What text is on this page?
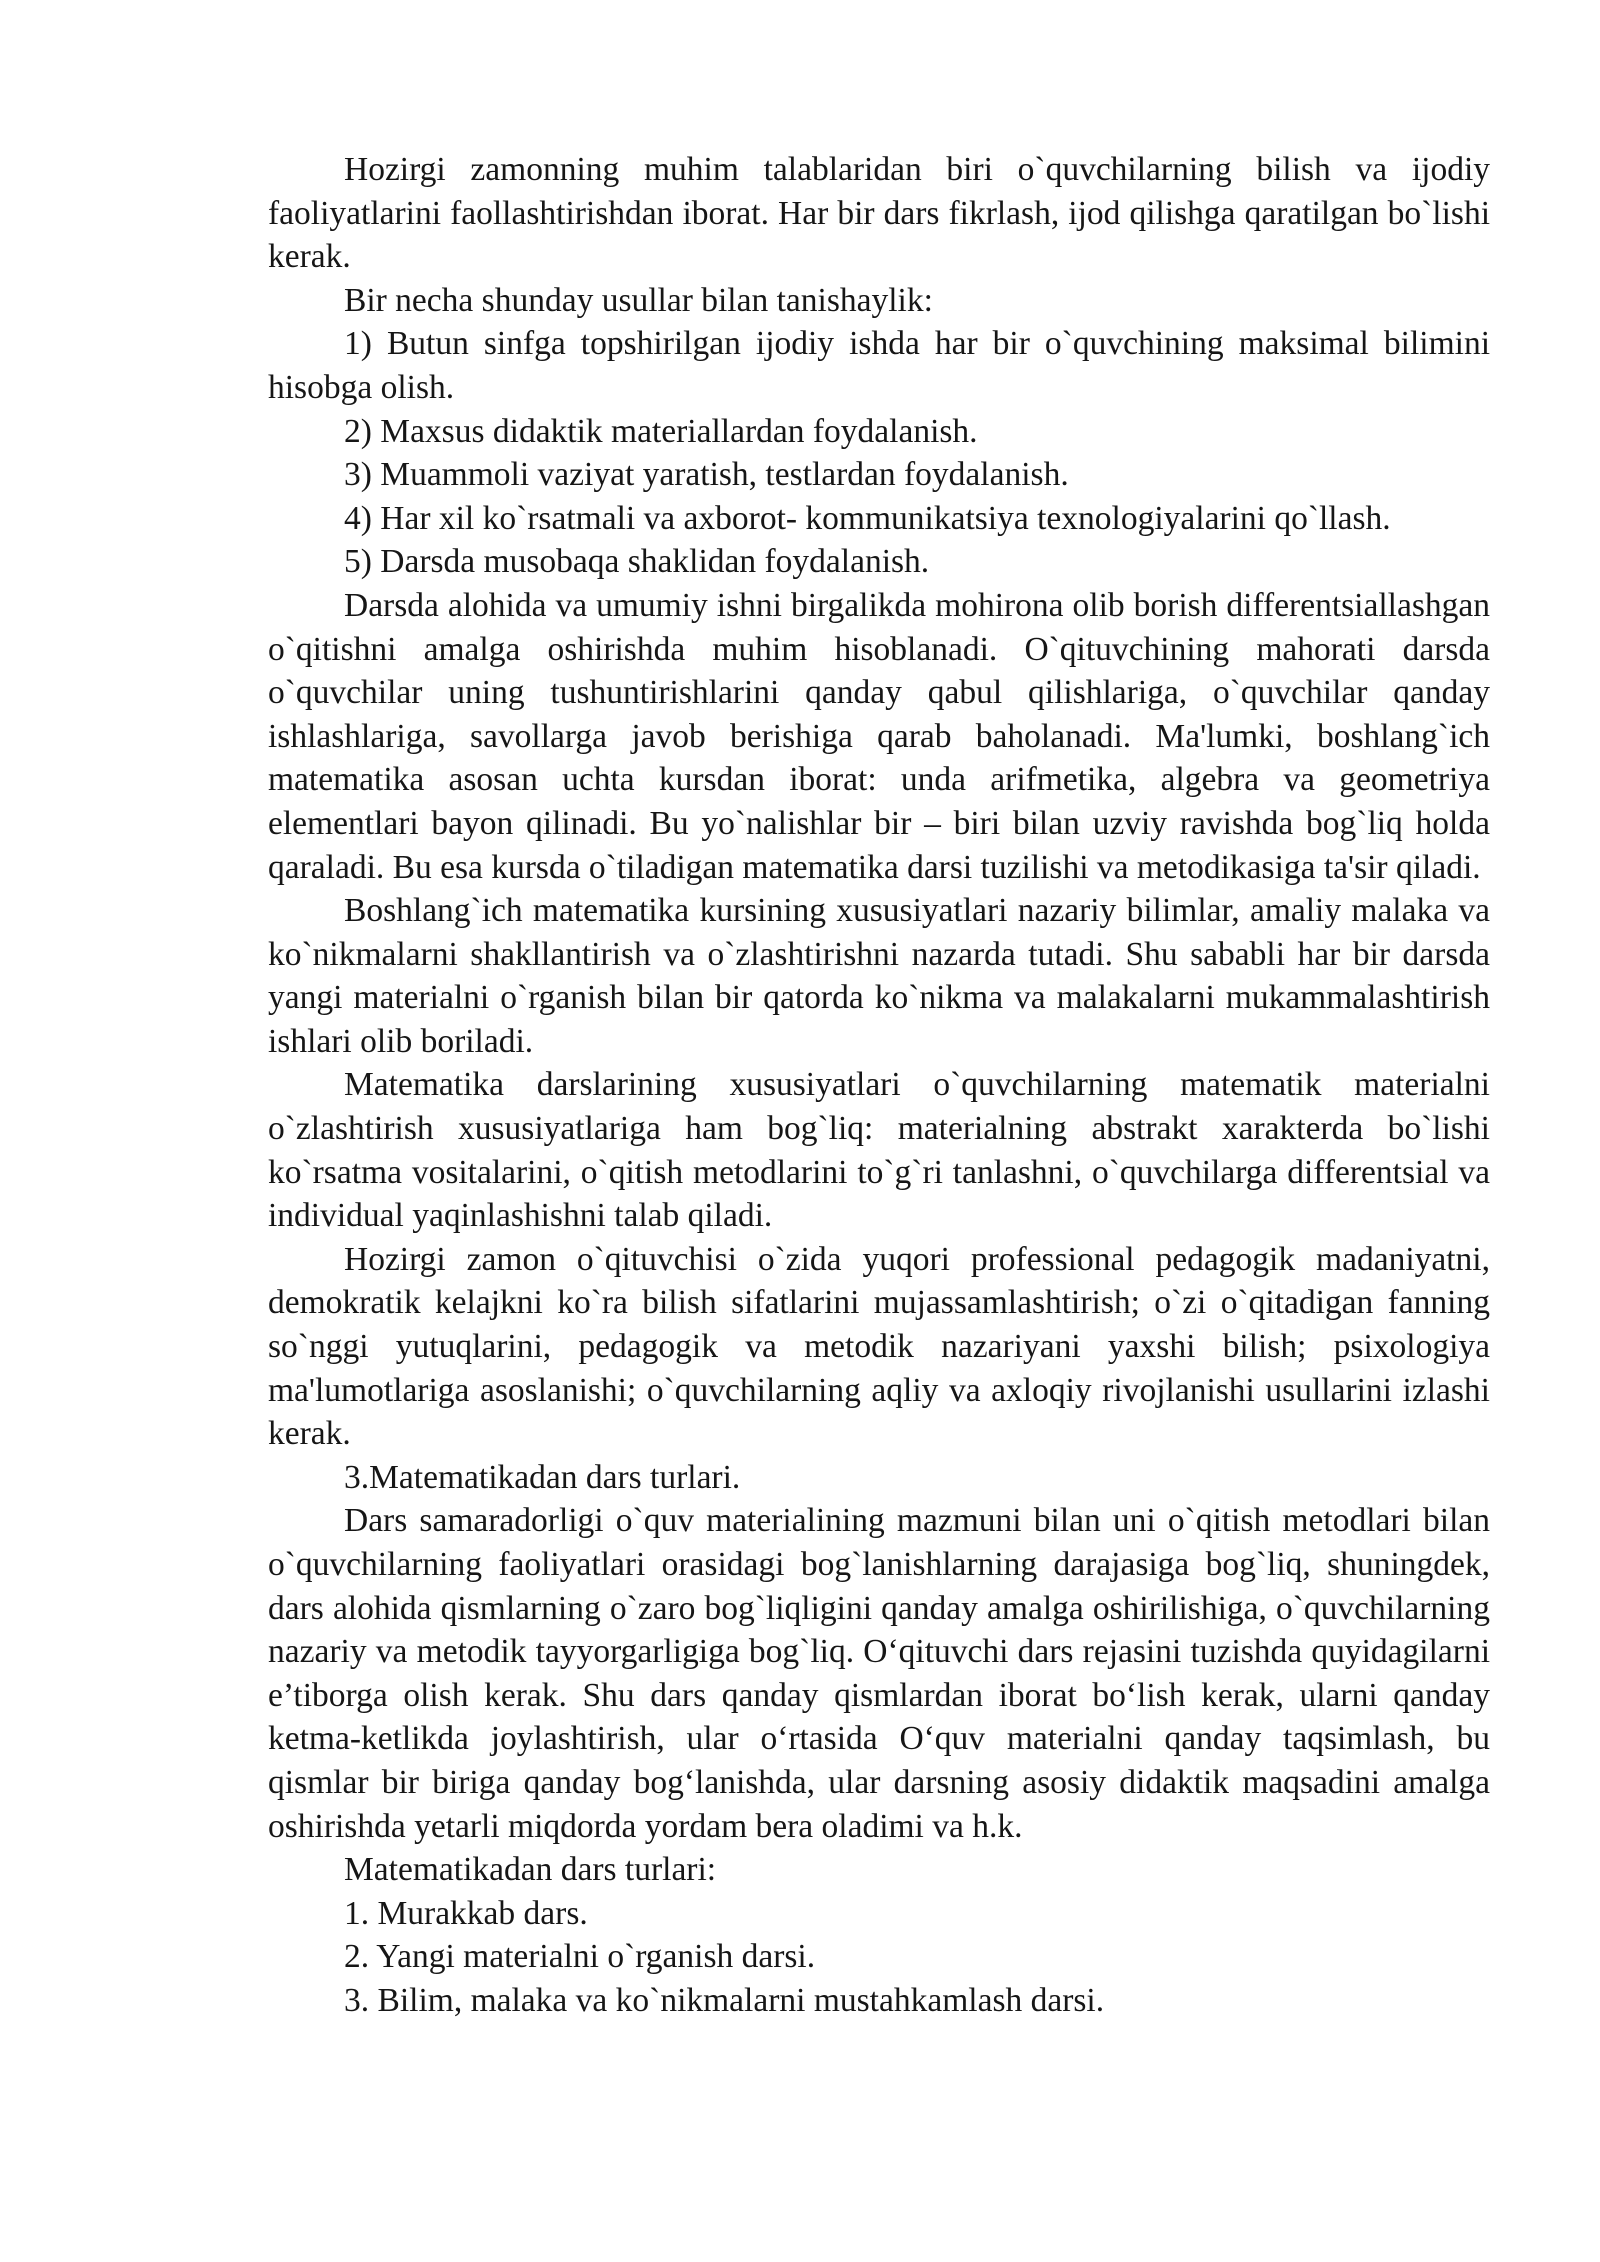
Hozirgi zamonning muhim talablaridan biri o`quvchilarning bilish va ijodiy faoliyatlarini faollashtirishdan iborat. Har bir dars fikrlash, ijod qilishga qaratilgan bo`lishi kerak.

Bir necha shunday usullar bilan tanishaylik:

1) Butun sinfga topshirilgan ijodiy ishda har bir o`quvchining maksimal bilimini hisobga olish.

2) Maxsus didaktik materiallardan foydalanish.

3) Muammoli vaziyat yaratish, testlardan foydalanish.

4) Har xil ko`rsatmali va axborot- kommunikatsiya texnologiyalarini qo`llash.

5) Darsda musobaqa shaklidan foydalanish.

Darsda alohida va umumiy ishni birgalikda mohirona olib borish differentsiallashgan o`qitishni amalga oshirishda muhim hisoblanadi. O`qituvchining mahorati darsda o`quvchilar uning tushuntirishlarini qanday qabul qilishlariga, o`quvchilar qanday ishlashlariga, savollarga javob berishiga qarab baholanadi. Ma'lumki, boshlang`ich matematika asosan uchta kursdan iborat: unda arifmetika, algebra va geometriya elementlari bayon qilinadi. Bu yo`nalishlar bir – biri bilan uzviy ravishda bog`liq holda qaraladi. Bu esa kursda o`tiladigan matematika darsi tuzilishi va metodikasiga ta'sir qiladi.

Boshlang`ich matematika kursining xususiyatlari nazariy bilimlar, amaliy malaka va ko`nikmalarni shakllantirish va o`zlashtirishni nazarda tutadi. Shu sababli har bir darsda yangi materialni o`rganish bilan bir qatorda ko`nikma va malakalarni mukammalashtirish ishlari olib boriladi.

Matematika darslarining xususiyatlari o`quvchilarning matematik materialni o`zlashtirish xususiyatlariga ham bog`liq: materialning abstrakt xarakterda bo`lishi ko`rsatma vositalarini, o`qitish metodlarini to`g`ri tanlashni, o`quvchilarga differentsial va individual yaqinlashishni talab qiladi.

Hozirgi zamon o`qituvchisi o`zida yuqori professional pedagogik madaniyatni, demokratik kelajkni ko`ra bilish sifatlarini mujassamlashtirish; o`zi o`qitadigan fanning so`nggi yutuqlarini, pedagogik va metodik nazariyani yaxshi bilish; psixologiya ma'lumotlariga asoslanishi; o`quvchilarning aqliy va axloqiy rivojlanishi usullarini izlashi kerak.

3.Matematikadan dars turlari.

Dars samaradorligi o`quv materialining mazmuni bilan uni o`qitish metodlari bilan o`quvchilarning faoliyatlari orasidagi bog`lanishlarning darajasiga bog`liq, shuningdek, dars alohida qismlarning o`zaro bog`liqligini qanday amalga oshirilishiga, o`quvchilarning nazariy va metodik tayyorgarligiga bog`liq. O‘qituvchi dars rejasini tuzishda quyidagilarni e’tiborga olish kerak. Shu dars qanday qismlardan iborat bo‘lish kerak, ularni qanday ketma-ketlikda joylashtirish, ular o‘rtasida O‘quv materialni qanday taqsimlash, bu qismlar bir biriga qanday bog‘lanishda, ular darsning asosiy didaktik maqsadini amalga oshirishda yetarli miqdorda yordam bera oladimi va h.k.

Matematikadan dars turlari:

1. Murakkab dars.

2. Yangi materialni o`rganish darsi.

3. Bilim, malaka va ko`nikmalarni mustahkamlash darsi.
